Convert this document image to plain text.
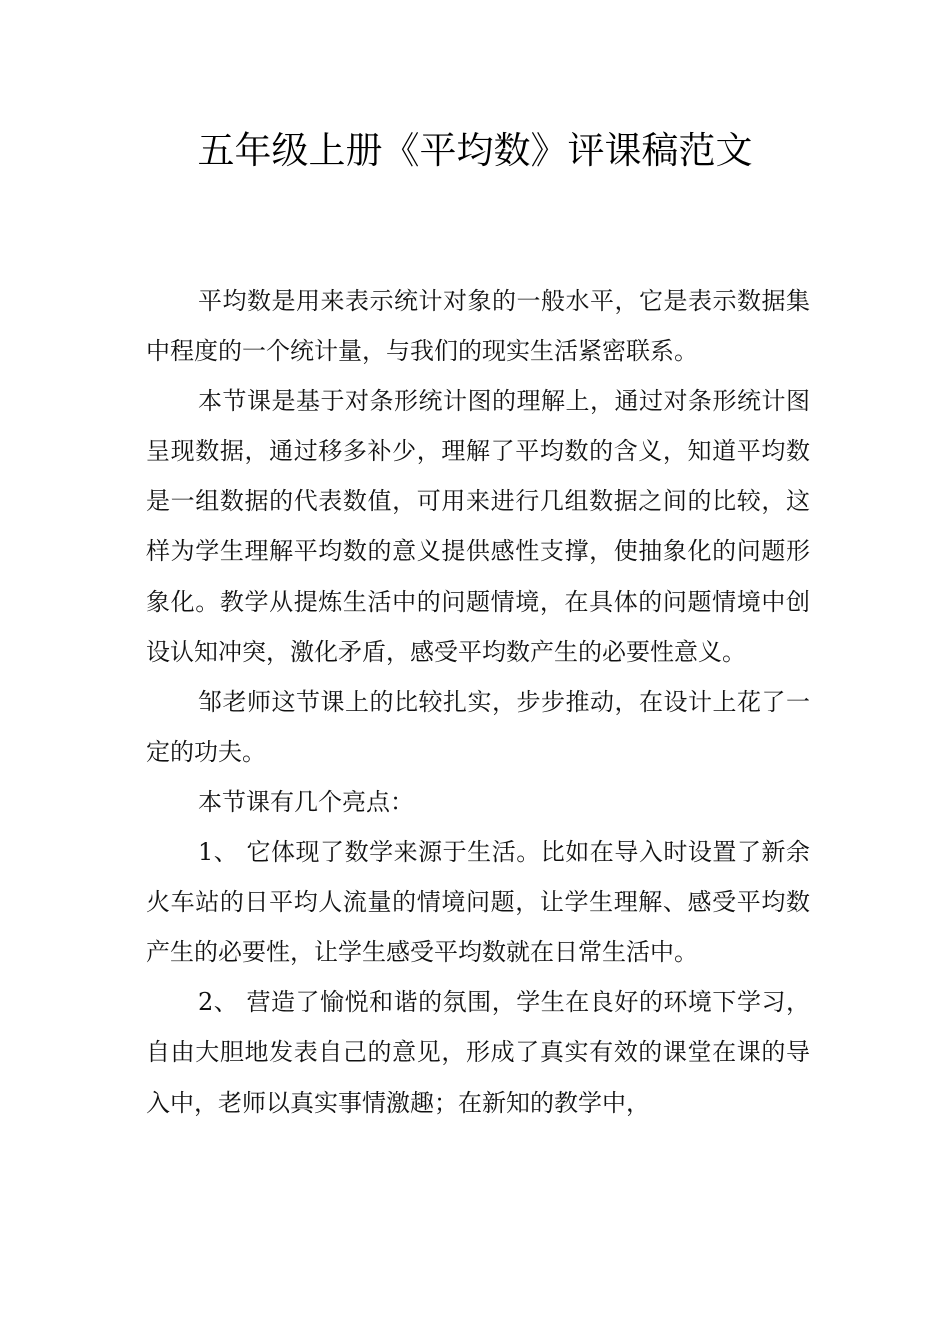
五年级上册《平均数》评课稿范文

平均数是用来表示统计对象的一般水平，它是表示数据集中程度的一个统计量，与我们的现实生活紧密联系。

本节课是基于对条形统计图的理解上，通过对条形统计图呈现数据，通过移多补少，理解了平均数的含义，知道平均数是一组数据的代表数值，可用来进行几组数据之间的比较，这样为学生理解平均数的意义提供感性支撑，使抽象化的问题形象化。教学从提炼生活中的问题情境，在具体的问题情境中创设认知冲突，激化矛盾，感受平均数产生的必要性意义。

邹老师这节课上的比较扎实，步步推动，在设计上花了一定的功夫。

本节课有几个亮点：

1、 它体现了数学来源于生活。比如在导入时设置了新余火车站的日平均人流量的情境问题，让学生理解、感受平均数产生的必要性，让学生感受平均数就在日常生活中。

2、 营造了愉悦和谐的氛围，学生在良好的环境下学习，自由大胆地发表自己的意见，形成了真实有效的课堂在课的导入中，老师以真实事情激趣；在新知的教学中，
